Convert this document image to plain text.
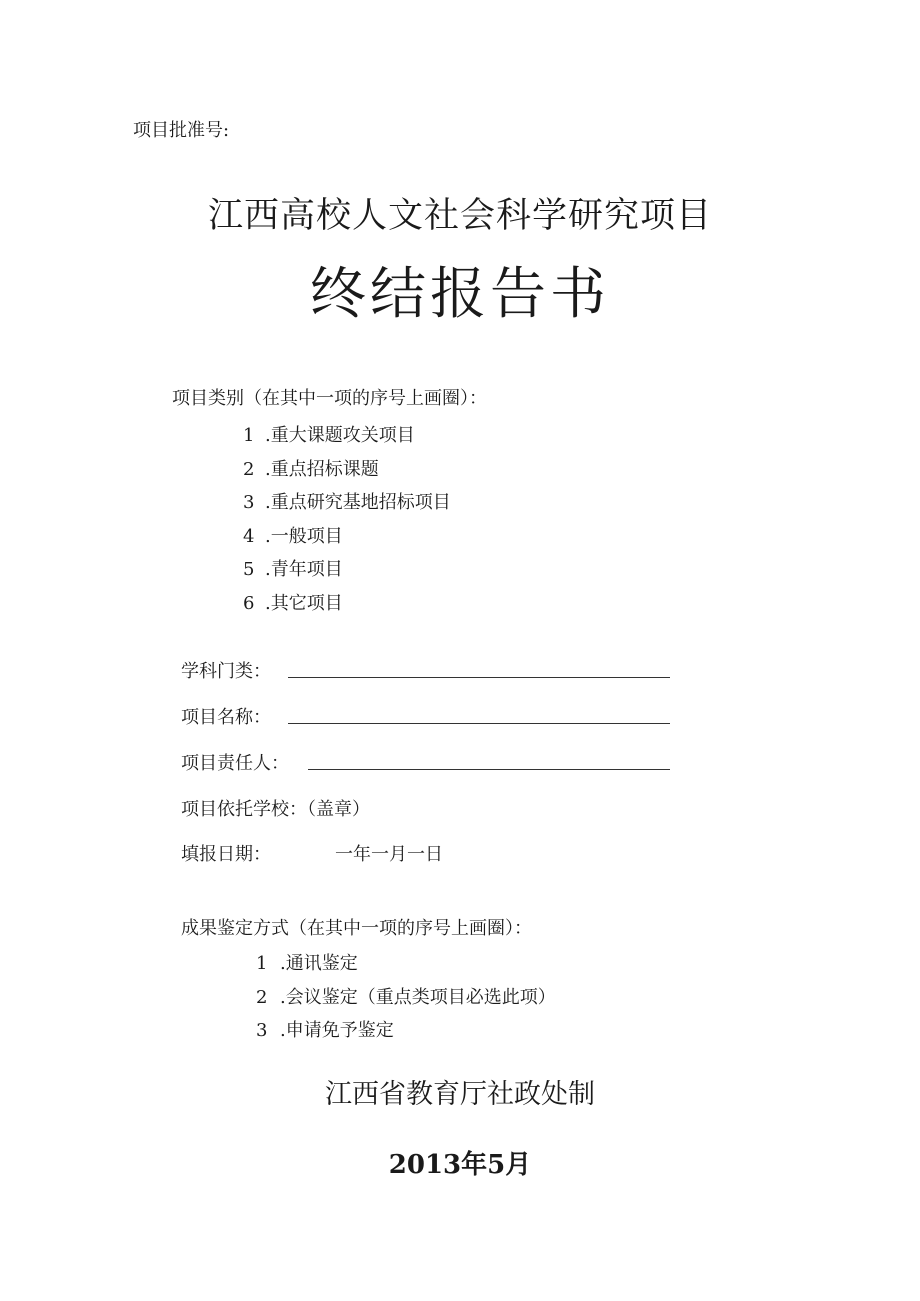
项目批准号:
江西高校人文社会科学研究项目
终结报告书
项目类别（在其中一项的序号上画圈）：
1 .重大课题攻关项目
2 .重点招标课题
3 .重点研究基地招标项目
4 .一般项目
5 .青年项目
6 .其它项目
学科门类：
项目名称：
项目责任人：
项目依托学校：（盖章）
填报日期：	一年一月一日
成果鉴定方式（在其中一项的序号上画圈）：
1 .通讯鉴定
2 .会议鉴定（重点类项目必选此项）
3 .申请免予鉴定
江西省教育厅社政处制
2013年5月
